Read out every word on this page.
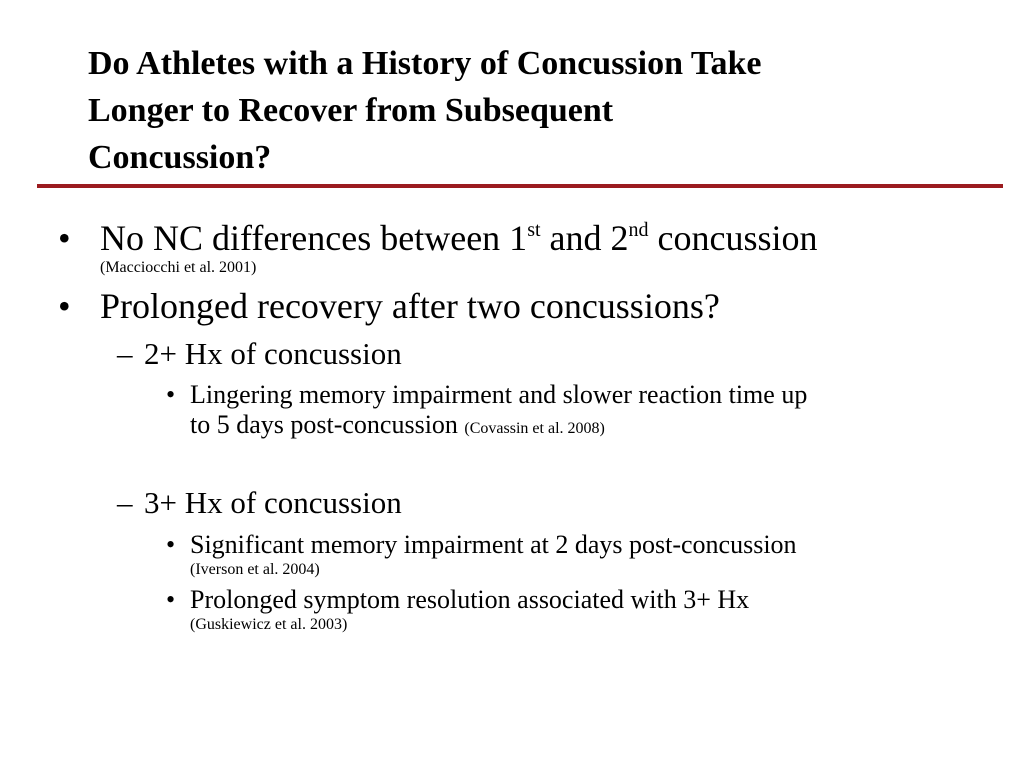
Do Athletes with a History of Concussion Take
Longer to Recover from Subsequent
Concussion?
• No NC differences between 1st and 2nd concussion
(Macciocchi et al. 2001)
• Prolonged recovery after two concussions?
– 2+ Hx of concussion
• Lingering memory impairment and slower reaction time up
to 5 days post-concussion (Covassin et al. 2008)
– 3+ Hx of concussion
• Significant memory impairment at 2 days post-concussion
(Iverson et al. 2004)
• Prolonged symptom resolution associated with 3+ Hx
(Guskiewicz et al. 2003)
